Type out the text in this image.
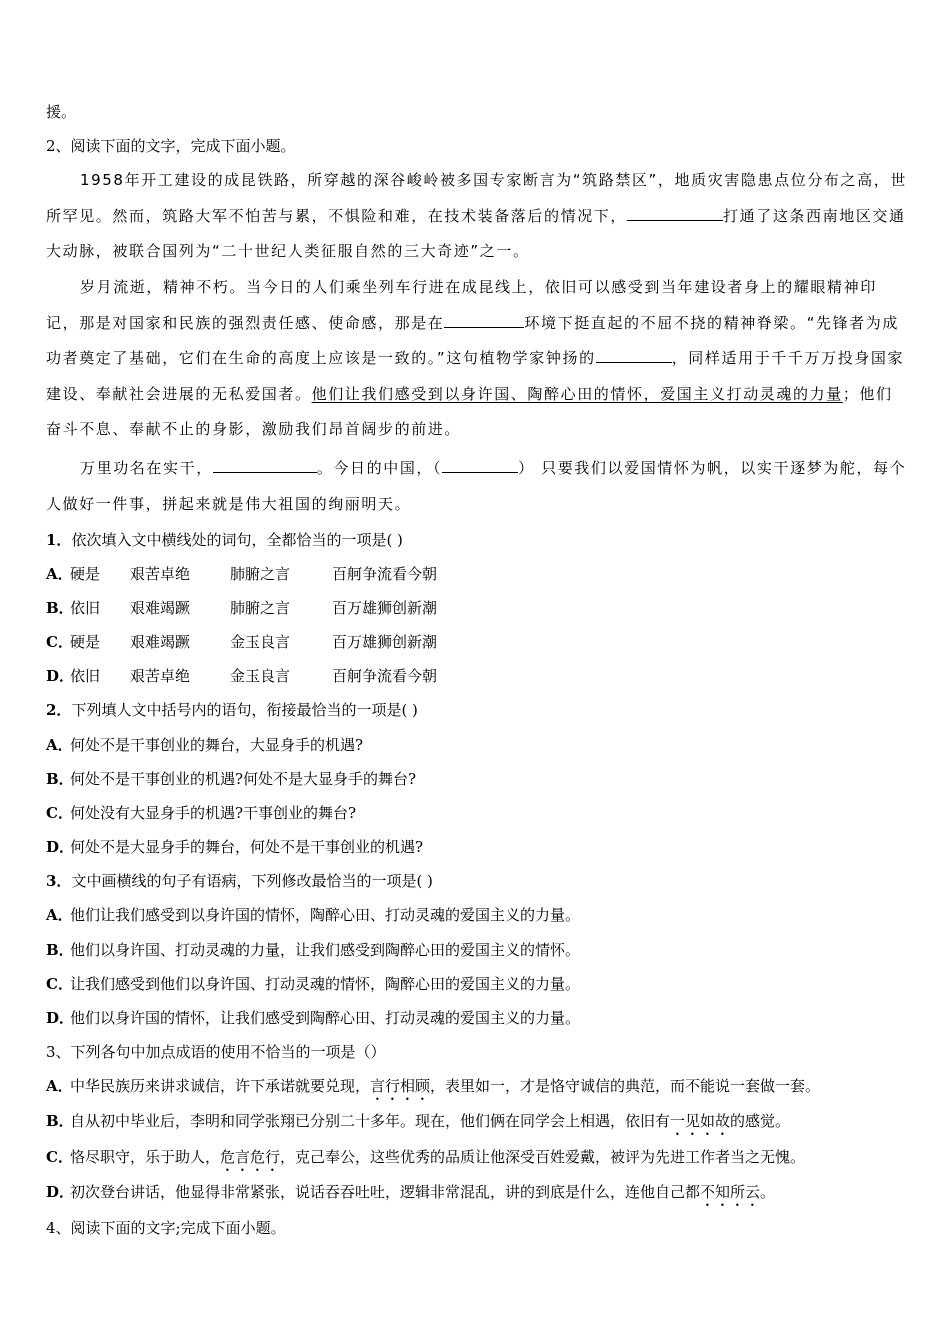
援。
2、阅读下面的文字，完成下面小题。
1958年开工建设的成昆铁路，所穿越的深谷峻岭被多国专家断言为“筑路禁区”，地质灾害隐患点位分布之高，世所罕见。然而，筑路大军不怕苦与累，不惧险和难，在技术装备落后的情况下，	打通了这条西南地区交通大动脉，被联合国列为“二十世纪人类征服自然的三大奇迹”之一。
岁月流逝，精神不朽。当今日的人们乘坐列车行进在成昆线上，依旧可以感受到当年建设者身上的耀眼精神印记，那是对国家和民族的强烈责任感、使命感，那是在	环境下挺直起的不屈不挠的精神脊梁。“先锋者为成功者奠定了基础，它们在生命的高度上应该是一致的。”这句植物学家钟扬的	，同样适用于千千万万投身国家建设、奉献社会进展的无私爱国者。他们让我们感受到以身许国、陶醉心田的情怀，爱国主义打动灵魂的力量；他们奋斗不息、奉献不止的身影，激励我们昂首阔步的前进。
万里功名在实干，	。今日的中国，（	） 只要我们以爱国情怀为帆，以实干逐梦为舵，每个人做好一件事，拼起来就是伟大祖国的绚丽明天。
1．依次填入文中横线处的词句，全都恰当的一项是( )
A．硬是 艰苦卓绝	肺腑之言	百舸争流看今朝
B．依旧 艰难竭蹶	肺腑之言	百万雄狮创新潮
C．硬是 艰难竭蹶	金玉良言	百万雄狮创新潮
D．依旧 艰苦卓绝	金玉良言	百舸争流看今朝
2．下列填人文中括号内的语句，衔接最恰当的一项是( )
A．何处不是干事创业的舞台，大显身手的机遇?
B．何处不是干事创业的机遇?何处不是大显身手的舞台?
C．何处没有大显身手的机遇?干事创业的舞台?
D．何处不是大显身手的舞台，何处不是干事创业的机遇?
3．文中画横线的句子有语病，下列修改最恰当的一项是( )
A．他们让我们感受到以身许国的情怀，陶醉心田、打动灵魂的爱国主义的力量。
B．他们以身许国、打动灵魂的力量，让我们感受到陶醉心田的爱国主义的情怀。
C．让我们感受到他们以身许国、打动灵魂的情怀，陶醉心田的爱国主义的力量。
D．他们以身许国的情怀，让我们感受到陶醉心田、打动灵魂的爱国主义的力量。
3、下列各句中加点成语的使用不恰当的一项是（）
A．中华民族历来讲求诚信，许下承诺就要兑现，言行相顾，表里如一，才是恪守诚信的典范，而不能说一套做一套。
B．自从初中毕业后，李明和同学张翔已分别二十多年。现在，他们俩在同学会上相遇，依旧有一见如故的感觉。
C．恪尽职守，乐于助人，危言危行，克己奉公，这些优秀的品质让他深受百姓爱戴，被评为先进工作者当之无愧。
D．初次登台讲话，他显得非常紧张，说话吞吞吐吐，逻辑非常混乱，讲的到底是什么，连他自己都不知所云。
4、阅读下面的文字;完成下面小题。
